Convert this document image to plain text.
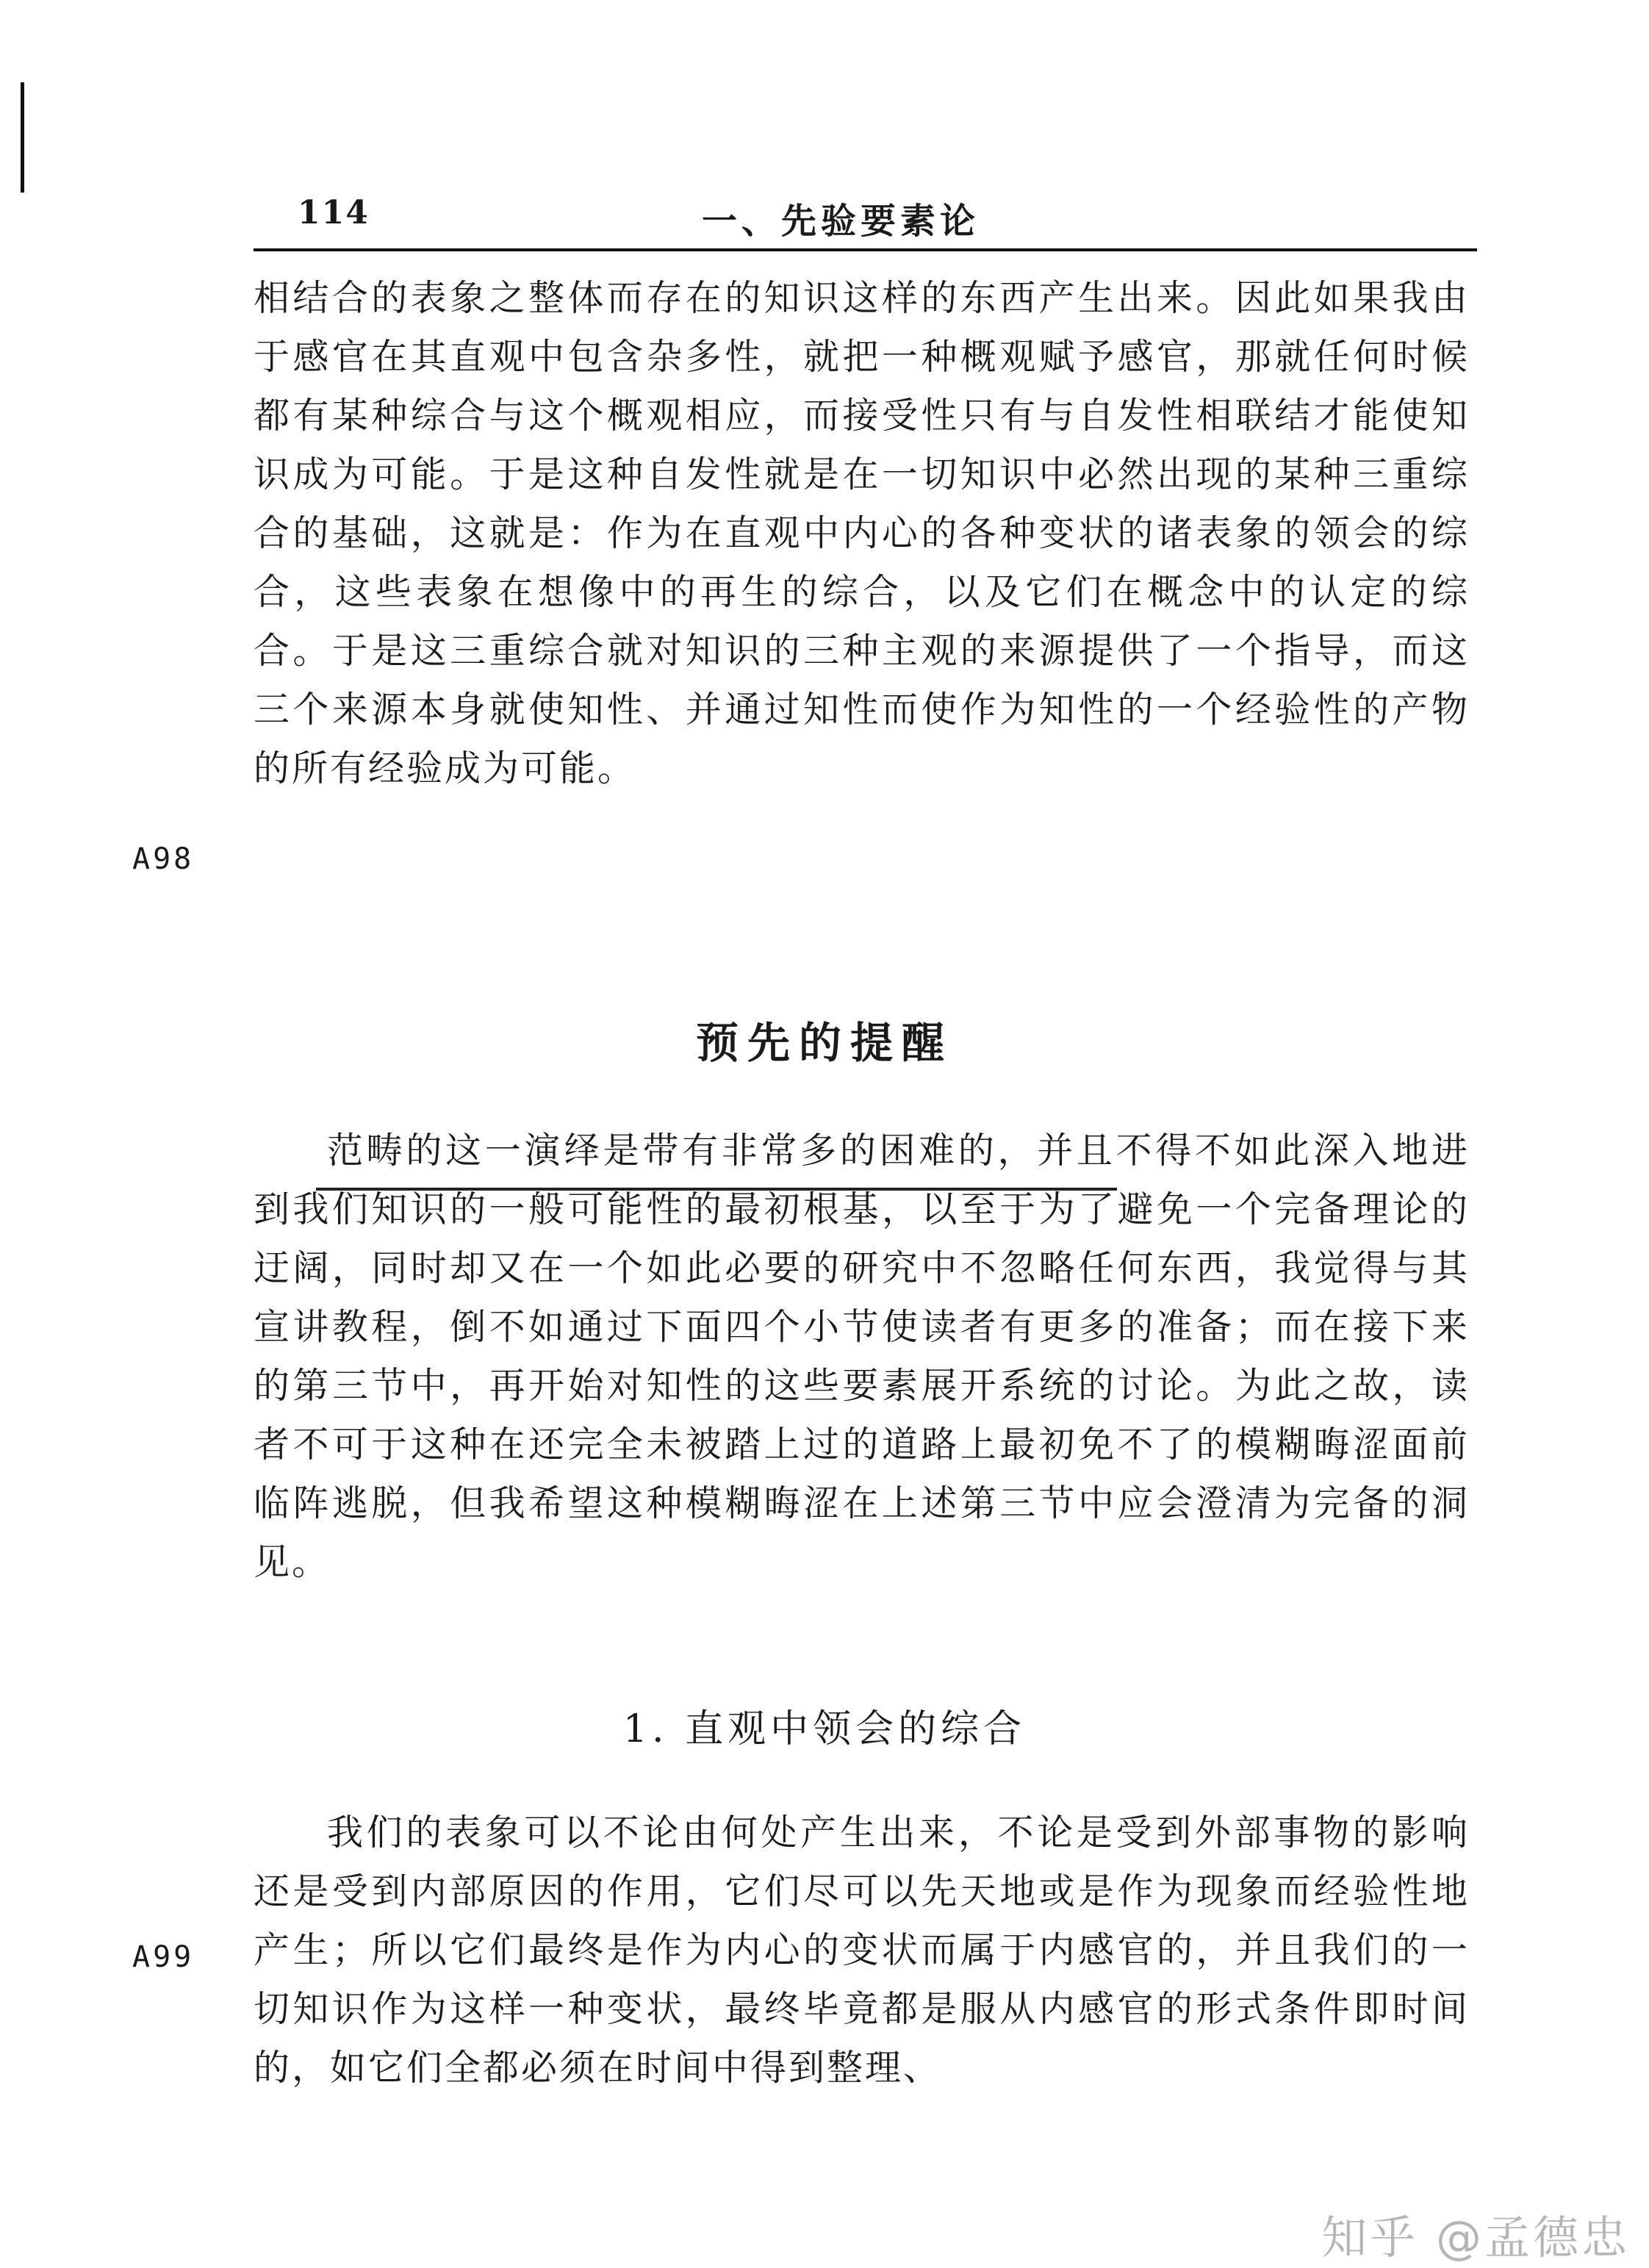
114	一、先验要素论

相结合的表象之整体而存在的知识这样的东西产生出来。因此如果我由于感官在其直观中包含杂多性，就把一种概观赋予感官，那就任何时候都有某种综合与这个概观相应，而接受性只有与自发性相联结才能使知识成为可能。于是这种自发性就是在一切知识中必然出现的某种三重综合的基础，这就是：作为在直观中内心的各种变状的诸表象的领会的综合，这些表象在想像中的再生的综合，以及它们在概念中的认定的综合。于是这三重综合就对知识的三种主观的来源提供了一个指导，而这三个来源本身就使知性、并通过知性而使作为知性的一个经验性的产物的所有经验成为可能。

A98
预先的提醒

范畴的这一演绎是带有非常多的困难的，并且不得不如此深入地进到我们知识的一般可能性的最初根基，以至于为了避免一个完备理论的迂阔，同时却又在一个如此必要的研究中不忽略任何东西，我觉得与其宣讲教程，倒不如通过下面四个小节使读者有更多的准备；而在接下来的第三节中，再开始对知性的这些要素展开系统的讨论。为此之故，读者不可于这种在还完全未被踏上过的道路上最初免不了的模糊晦涩面前临阵逃脱，但我希望这种模糊晦涩在上述第三节中应会澄清为完备的洞见。

1. 直观中领会的综合

我们的表象可以不论由何处产生出来，不论是受到外部事物的影响还是受到内部原因的作用，它们尽可以先天地或是作为现象而经验性地产生；所以它们最终是作为内心的变状而属于内感官的，并且我们的一切知识作为这样一种变状，最终毕竟都是服从内感官的形式条件即时间的，如它们全都必须在时间中得到整理、

A99
知乎 @孟德忠
